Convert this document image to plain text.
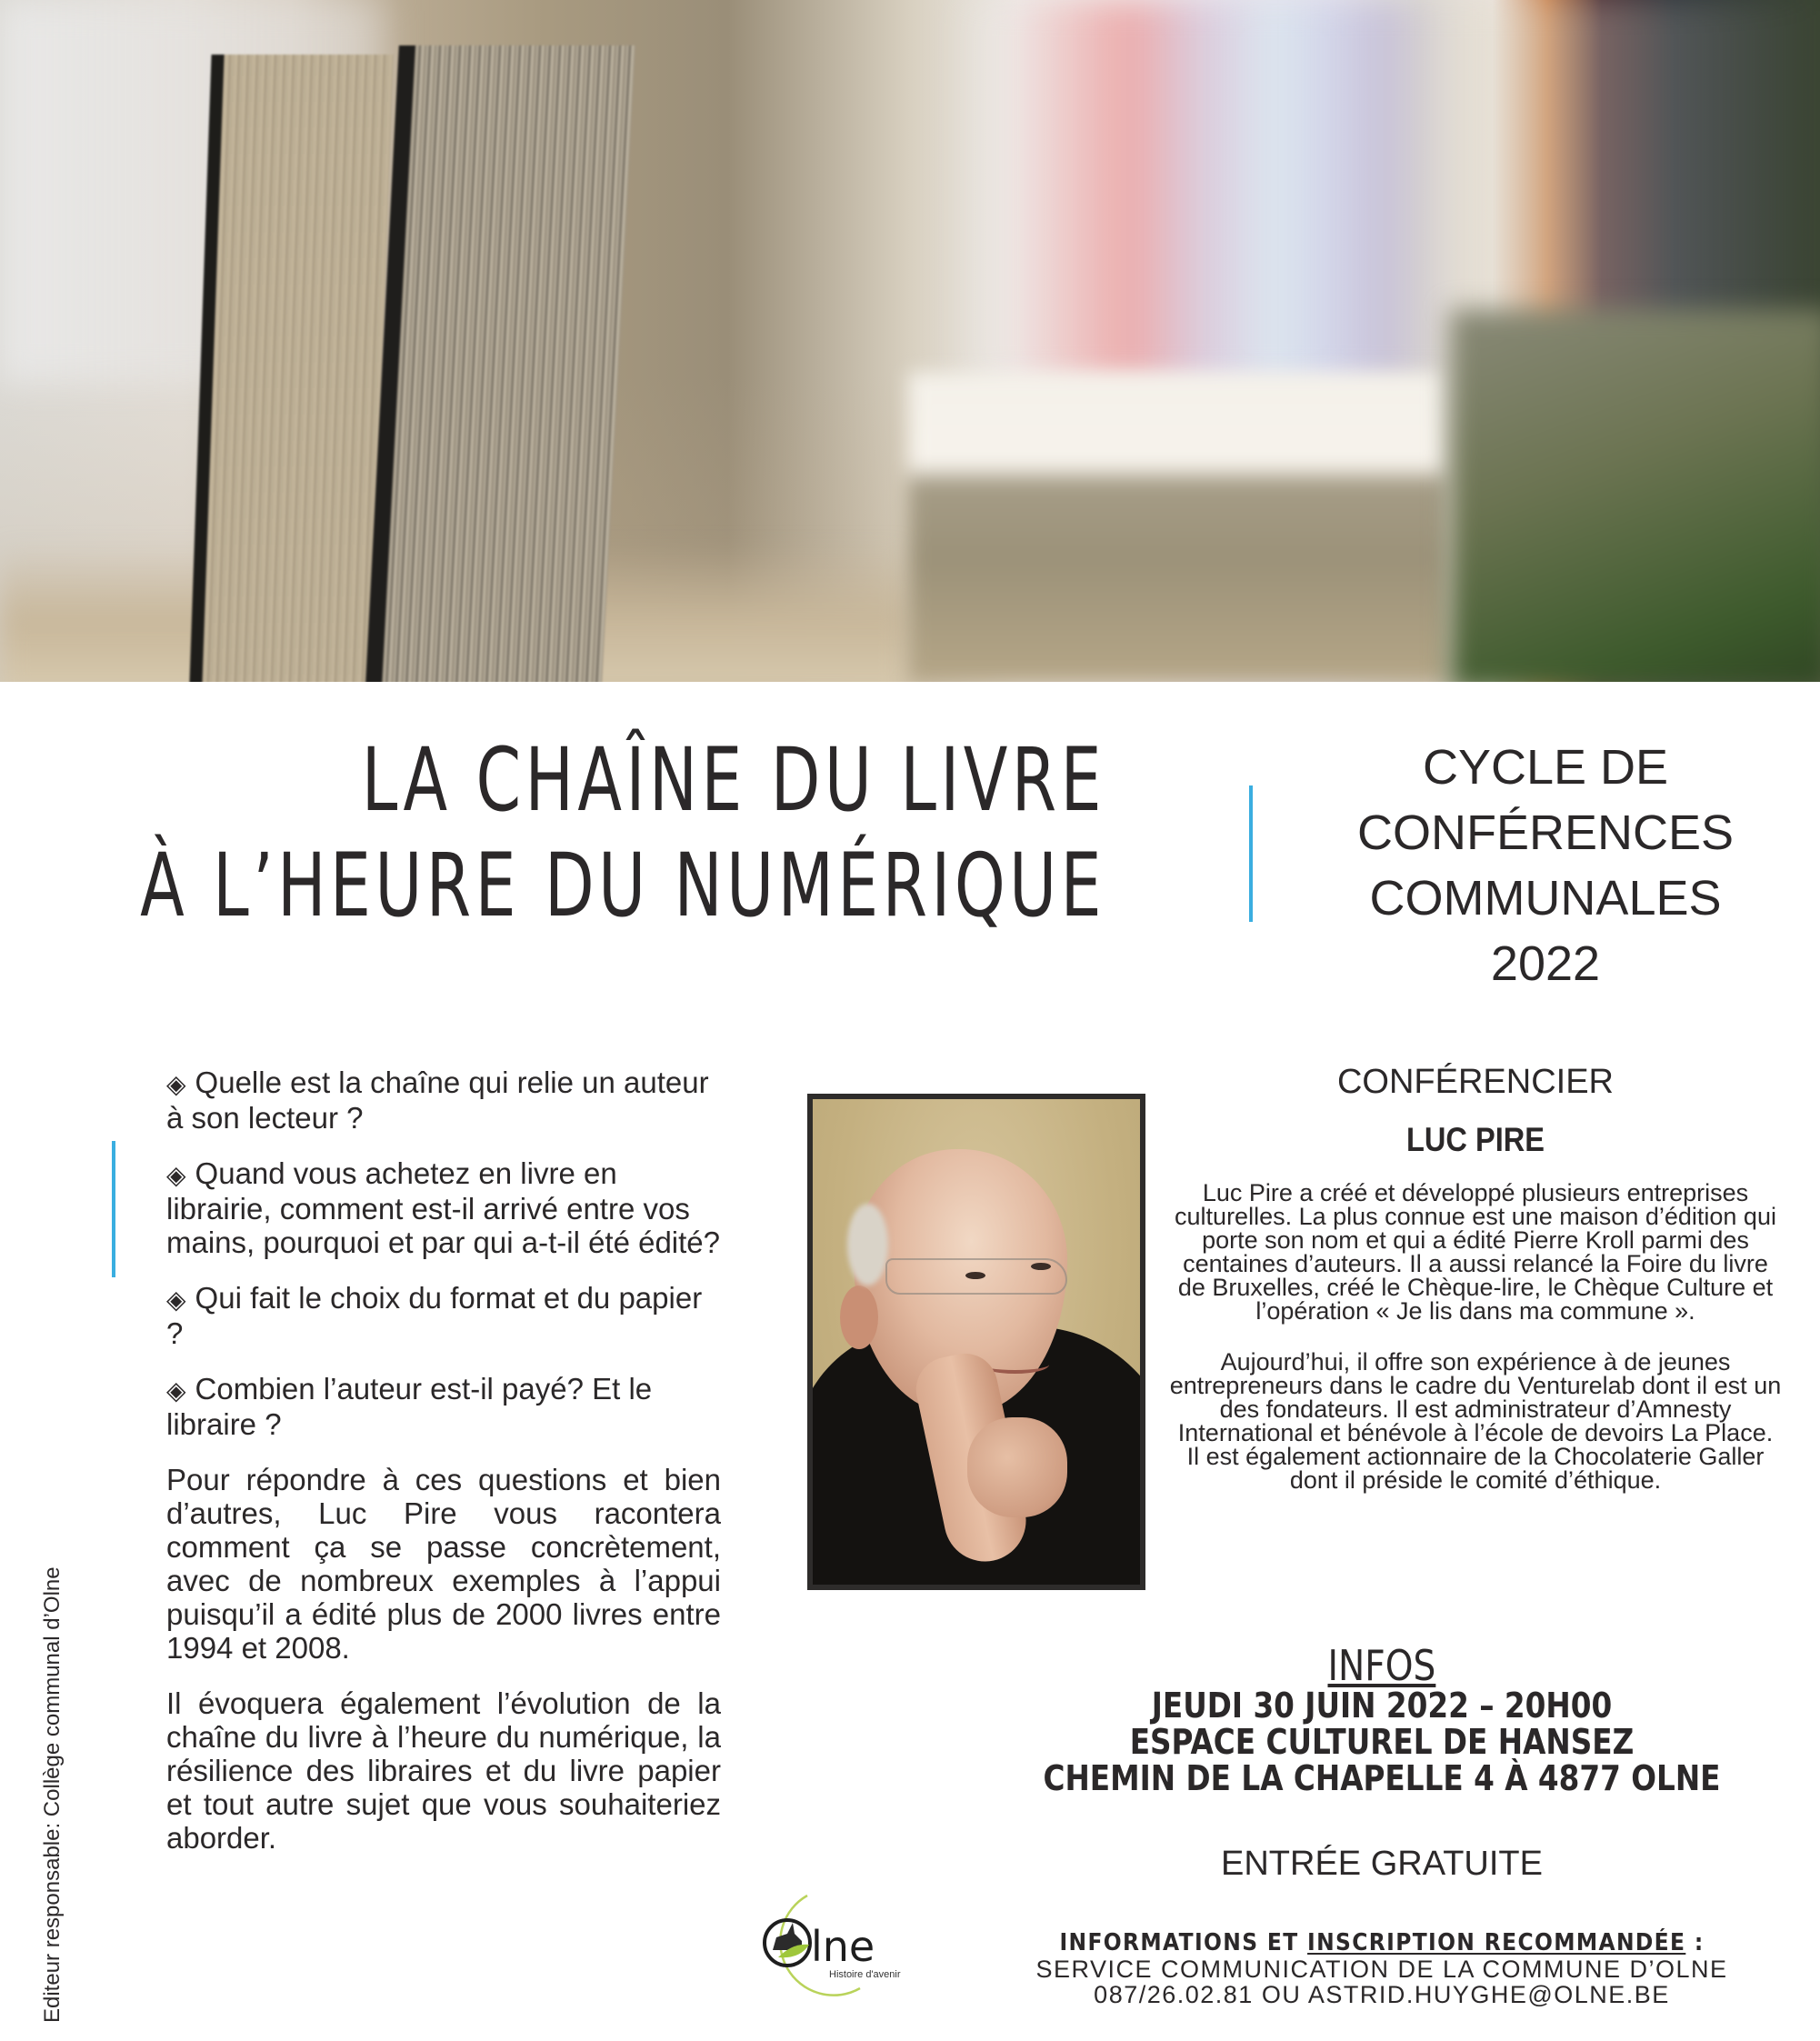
LA CHAÎNE DU LIVRE
À L’HEURE DU NUMÉRIQUE
CYCLE DE
CONFÉRENCES
COMMUNALES
2022

◈ Quelle est la chaîne qui relie un auteur à son lecteur ?

◈ Quand vous achetez en livre en librairie, comment est-il arrivé entre vos mains, pourquoi et par qui a-t-il été édité?

◈ Qui fait le choix du format et du papier ?

◈ Combien l’auteur est-il payé? Et le libraire ?

Pour répondre à ces questions et bien d’autres, Luc Pire vous racontera comment ça se passe concrètement, avec de nombreux exemples à l’appui puisqu’il a édité plus de 2000 livres entre 1994 et 2008.

Il évoquera également l’évolution de la chaîne du livre à l’heure du numérique, la résilience des libraires et du livre papier et tout autre sujet que vous souhaiteriez aborder.

Editeur responsable: Collège communal d’Olne
CONFÉRENCIER
LUC PIRE

Luc Pire a créé et développé plusieurs entreprises culturelles. La plus connue est une maison d’édition qui porte son nom et qui a édité Pierre Kroll parmi des centaines d’auteurs. Il a aussi relancé la Foire du livre de Bruxelles, créé le Chèque-lire, le Chèque Culture et l’opération « Je lis dans ma commune ».

Aujourd’hui, il offre son expérience à de jeunes entrepreneurs dans le cadre du Venturelab dont il est un des fondateurs. Il est administrateur d’Amnesty International et bénévole à l’école de devoirs La Place. Il est également actionnaire de la Chocolaterie Galler dont il préside le comité d’éthique.

INFOS
JEUDI 30 JUIN 2022 – 20H00
ESPACE CULTUREL DE HANSEZ
CHEMIN DE LA CHAPELLE 4 À 4877 OLNE
ENTRÉE GRATUITE
INFORMATIONS ET INSCRIPTION RECOMMANDÉE :
SERVICE COMMUNICATION DE LA COMMUNE D’OLNE
087/26.02.81 OU ASTRID.HUYGHE@OLNE.BE
lne
Histoire d'avenir
